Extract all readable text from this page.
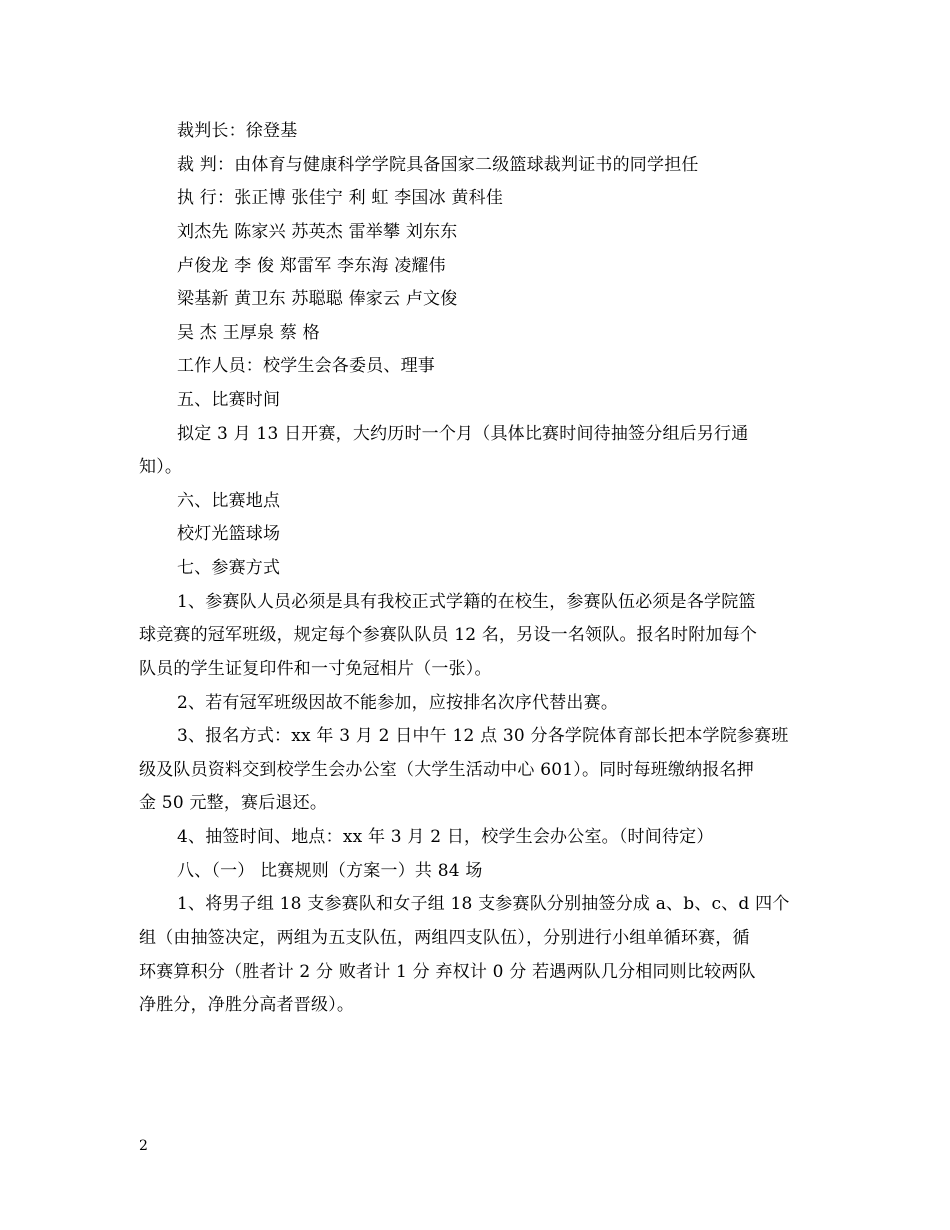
裁判长：徐登基
裁 判：由体育与健康科学学院具备国家二级篮球裁判证书的同学担任
执 行：张正博 张佳宁 利 虹 李国冰 黄科佳
刘杰先 陈家兴 苏英杰 雷举攀 刘东东
卢俊龙 李 俊 郑雷军 李东海 凌耀伟
梁基新 黄卫东 苏聪聪 俸家云 卢文俊
吴 杰 王厚泉 蔡 格
工作人员：校学生会各委员、理事
五、比赛时间
拟定 3 月 13 日开赛，大约历时一个月（具体比赛时间待抽签分组后另行通
知）。
六、比赛地点
校灯光篮球场
七、参赛方式
1、参赛队人员必须是具有我校正式学籍的在校生，参赛队伍必须是各学院篮
球竞赛的冠军班级，规定每个参赛队队员 12 名，另设一名领队。报名时附加每个
队员的学生证复印件和一寸免冠相片（一张）。
2、若有冠军班级因故不能参加，应按排名次序代替出赛。
3、报名方式：xx 年 3 月 2 日中午 12 点 30 分各学院体育部长把本学院参赛班
级及队员资料交到校学生会办公室（大学生活动中心 601）。同时每班缴纳报名押
金 50 元整，赛后退还。
4、抽签时间、地点：xx 年 3 月 2 日，校学生会办公室。（时间待定）
八、（一） 比赛规则（方案一）共 84 场
1、将男子组 18 支参赛队和女子组 18 支参赛队分别抽签分成 a、b、c、d 四个
组（由抽签决定，两组为五支队伍，两组四支队伍），分别进行小组单循环赛，循
环赛算积分（胜者计 2 分 败者计 1 分 弃权计 0 分 若遇两队几分相同则比较两队
净胜分，净胜分高者晋级）。
2
